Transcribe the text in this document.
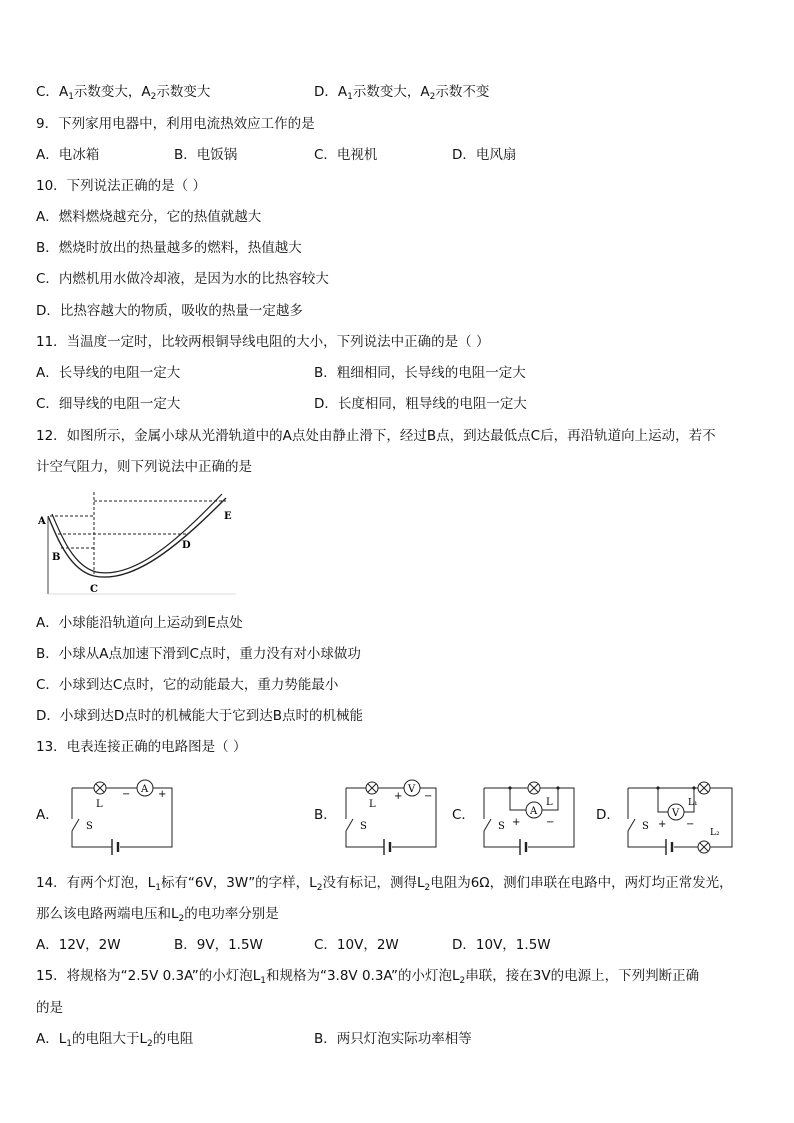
C．$A_1$示数变大，$A_2$示数变大	D．$A_1$示数变大，$A_2$示数不变
9．下列家用电器中，利用电流热效应工作的是
A．电冰箱	B．电饭锅	C．电视机	D．电风扇
10．下列说法正确的是（ ）
A．燃料燃烧越充分，它的热值就越大
B．燃烧时放出的热量越多的燃料，热值越大
C．内燃机用水做冷却液，是因为水的比热容较大
D．比热容越大的物质，吸收的热量一定越多
11．当温度一定时，比较两根铜导线电阻的大小，下列说法中正确的是（ ）
A．长导线的电阻一定大	B．粗细相同，长导线的电阻一定大
C．细导线的电阻一定大	D．长度相同，粗导线的电阻一定大
12．如图所示，金属小球从光滑轨道中的A点处由静止滑下，经过B点，到达最低点C后，再沿轨道向上运动，若不
计空气阻力，则下列说法中正确的是
A
B
C
D
E
A．小球能沿轨道向上运动到E点处
B．小球从A点加速下滑到C点时，重力没有对小球做功
C．小球到达C点时，它的动能最大，重力势能最小
D．小球到达D点时的机械能大于它到达B点时的机械能
13．电表连接正确的电路图是（ ）
A．	B．	C．	D．
L
S
A
−	+
L
S
V
+ −
L
S
A
+	−
L₁
L₂
S
V
+ −
14．有两个灯泡，$L_1$标有“6V，3W”的字样，$L_2$没有标记，测得$L_2$电阻为6Ω，测们串联在电路中，两灯均正常发光，
那么该电路两端电压和$L_2$的电功率分别是
A．12V，2W	B．9V，1.5W	C．10V，2W	D．10V，1.5W
15．将规格为“2.5V 0.3A”的小灯泡$L_1$和规格为“3.8V 0.3A”的小灯泡$L_2$串联，接在3V的电源上，下列判断正确
的是
A．$L_1$的电阻大于$L_2$的电阻	B．两只灯泡实际功率相等
